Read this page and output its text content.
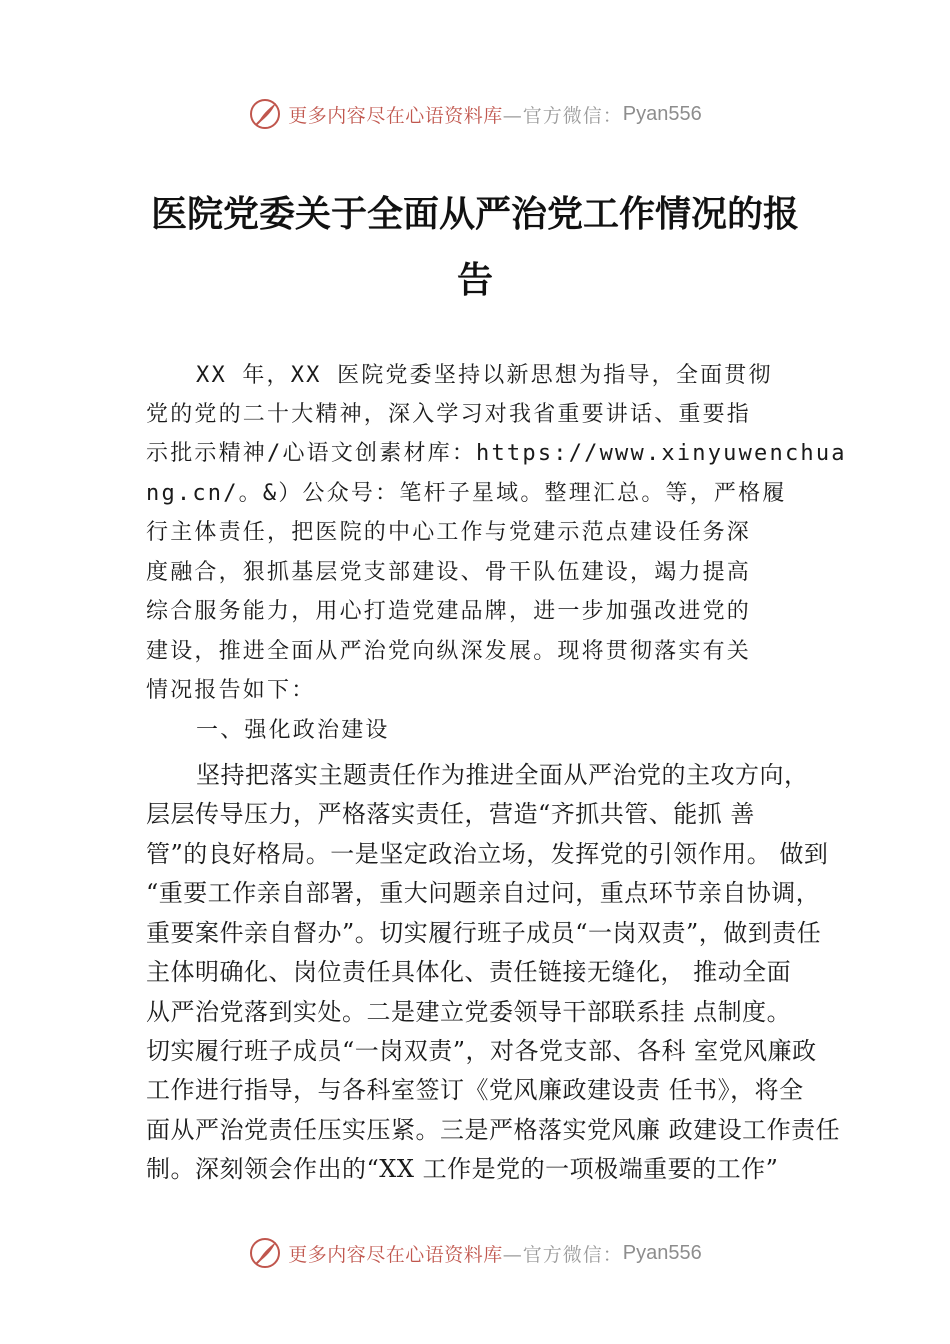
更多内容尽在心语资料库 —官方微信： Pyan556
医院党委关于全面从严治党工作情况的报
告
XX 年，XX 医院党委坚持以新思想为指导，全面贯彻
党的党的二十大精神，深入学习对我省重要讲话、重要指
示批示精神/心语文创素材库：https://www.xinyuwenchua
ng.cn/。&）公众号：笔杆子星域。整理汇总。等，严格履
行主体责任，把医院的中心工作与党建示范点建设任务深
度融合，狠抓基层党支部建设、骨干队伍建设，竭力提高
综合服务能力，用心打造党建品牌，进一步加强改进党的
建设，推进全面从严治党向纵深发展。现将贯彻落实有关
情况报告如下：
一、强化政治建设
坚持把落实主题责任作为推进全面从严治党的主攻方向，
层层传导压力，严格落实责任，营造“齐抓共管、能抓 善
管”的良好格局。一是坚定政治立场，发挥党的引领作用。 做到
“重要工作亲自部署，重大问题亲自过问，重点环节亲自协调，
重要案件亲自督办”。切实履行班子成员“一岗双责”，做到责任
主体明确化、岗位责任具体化、责任链接无缝化， 推动全面
从严治党落到实处。二是建立党委领导干部联系挂 点制度。
切实履行班子成员“一岗双责”，对各党支部、各科 室党风廉政
工作进行指导，与各科室签订《党风廉政建设责 任书》，将全
面从严治党责任压实压紧。三是严格落实党风廉 政建设工作责任
制。深刻领会作出的“XX 工作是党的一项极端重要的工作”
更多内容尽在心语资料库 —官方微信： Pyan556
